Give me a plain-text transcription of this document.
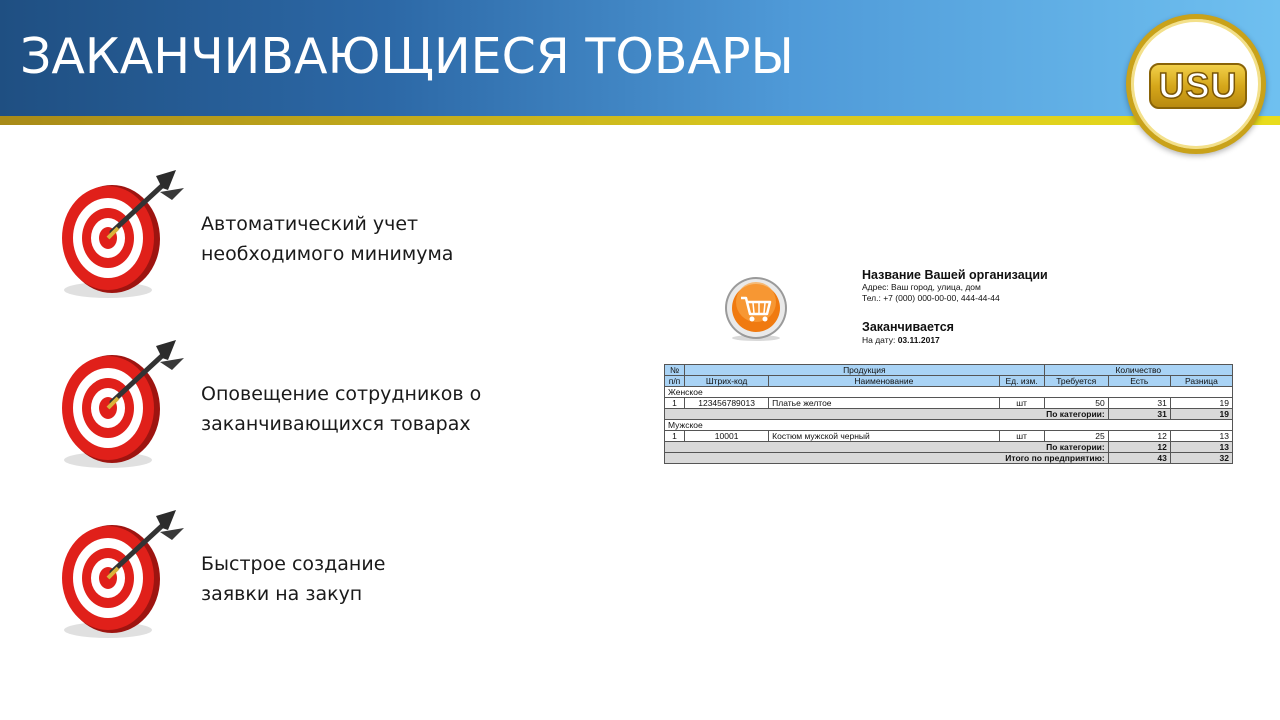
ЗАКАНЧИВАЮЩИЕСЯ ТОВАРЫ
USU
Автоматический учет
необходимого минимума
Оповещение сотрудников о
заканчивающихся товарах
Быстрое создание
заявки на закуп
Название Вашей организации
Адрес: Ваш город, улица, дом
Тел.: +7 (000) 000-00-00, 444-44-44
Заканчивается
На дату: 03.11.2017
№	Продукция			Количество		
п/п	Штрих-код	Наименование	Ед. изм.	Требуется	Есть	Разница
Женское						
1	123456789013	Платье желтое	шт	50	31	19
По категории:					31	19
Мужское						
1	10001	Костюм мужской черный	шт	25	12	13
По категории:					12	13
Итого по предприятию:					43	32
